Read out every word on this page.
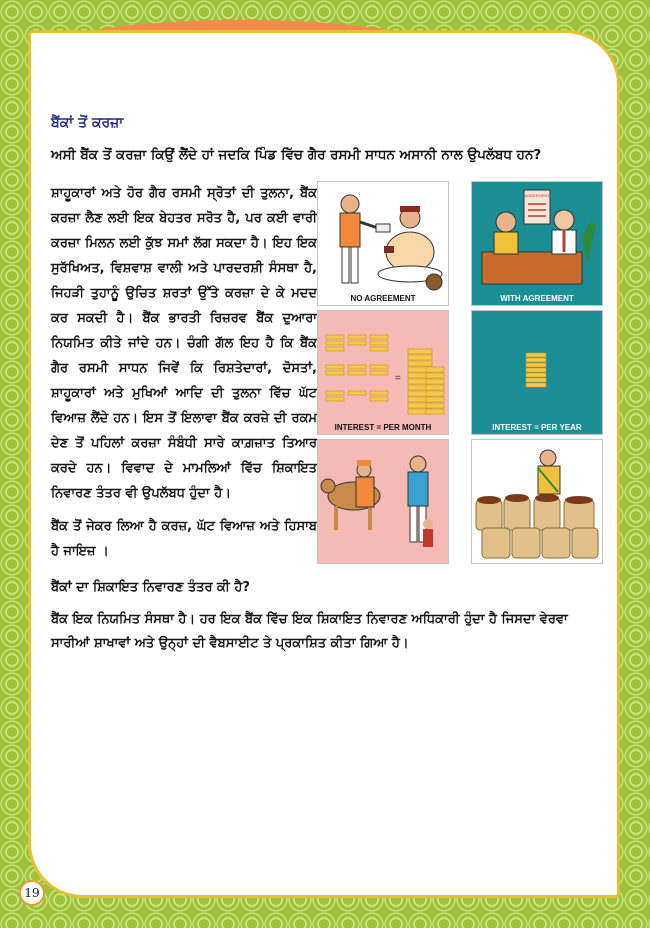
ਬੈਂਕਾਂ ਤੋਂ ਕਰਜ਼ਾ
ਅਸੀ ਬੈਂਕ ਤੋਂ ਕਰਜ਼ਾ ਕਿਉਂ ਲੈਂਦੇ ਹਾਂ ਜਦਕਿ ਪਿੰਡ ਵਿੱਚ ਗੈਰ ਰਸਮੀ ਸਾਧਨ ਅਸਾਨੀ ਨਾਲ ਉਪਲੱਬਧ ਹਨ?

ਸ਼ਾਹੂਕਾਰਾਂ ਅਤੇ ਹੋਰ ਗੈਰ ਰਸਮੀ ਸ੍ਰੋਤਾਂ ਦੀ ਤੁਲਨਾ, ਬੈਂਕ ਕਰਜ਼ਾ ਲੈਣ ਲਈ ਇਕ ਬੇਹਤਰ ਸਰੋਤ ਹੈ, ਪਰ ਕਈ ਵਾਰੀ ਕਰਜ਼ਾ ਮਿਲਨ ਲਈ ਕੁੱਝ ਸਮਾਂ ਲੱਗ ਸਕਦਾ ਹੈ। ਇਹ ਇਕ ਸੁਰੱਖਿਅਤ, ਵਿਸ਼ਵਾਸ਼ ਵਾਲੀ ਅਤੇ ਪਾਰਦਰਸ਼ੀ ਸੰਸਥਾ ਹੈ, ਜਿਹੜੀ ਤੁਹਾਨੂੰ ਉਚਿਤ ਸ਼ਰਤਾਂ ਉੱਤੇ ਕਰਜ਼ਾ ਦੇ ਕੇ ਮਦਦ ਕਰ ਸਕਦੀ ਹੈ। ਬੈਂਕ ਭਾਰਤੀ ਰਿਜ਼ਰਵ ਬੈਂਕ ਦੁਆਰਾ ਨਿਯਮਿਤ ਕੀਤੇ ਜਾਂਦੇ ਹਨ। ਚੰਗੀ ਗੱਲ ਇਹ ਹੈ ਕਿ ਬੈਂਕ ਗੈਰ ਰਸਮੀ ਸਾਧਨ ਜਿਵੇਂ ਕਿ ਰਿਸ਼ਤੇਦਾਰਾਂ, ਦੋਸਤਾਂ, ਸ਼ਾਹੂਕਾਰਾਂ ਅਤੇ ਮੁਖਿਆਂ ਆਦਿ ਦੀ ਤੁਲਨਾ ਵਿੱਚ ਘੱਟ ਵਿਆਜ਼ ਲੈਂਦੇ ਹਨ। ਇਸ ਤੋਂ ਇਲਾਵਾ ਬੈਂਕ ਕਰਜ਼ੇ ਦੀ ਰਕਮ ਦੇਣ ਤੋਂ ਪਹਿਲਾਂ ਕਰਜ਼ਾ ਸੰਬੰਧੀ ਸਾਰੇ ਕਾਗ਼ਜ਼ਾਤ ਤਿਆਰ ਕਰਦੇ ਹਨ। ਵਿਵਾਦ ਦੇ ਮਾਮਲਿਆਂ ਵਿੱਚ ਸ਼ਿਕਾਇਤ ਨਿਵਾਰਣ ਤੰਤਰ ਵੀ ਉਪਲੱਬਧ ਹੁੰਦਾ ਹੈ।

ਬੈਂਕ ਤੋਂ ਜੇਕਰ ਲਿਆ ਹੈ ਕਰਜ਼, ਘੱਟ ਵਿਆਜ਼ ਅਤੇ ਹਿਸਾਬ ਹੈ ਜਾਇਜ਼ ।

NO AGREEMENT
AGREEMENT
WITH AGREEMENT
=
INTEREST = PER MONTH	INTEREST = PER YEAR

ਬੈਂਕਾਂ ਦਾ ਸ਼ਿਕਾਇਤ ਨਿਵਾਰਣ ਤੰਤਰ ਕੀ ਹੈ?

ਬੈਂਕ ਇਕ ਨਿਯਮਿਤ ਸੰਸਥਾ ਹੈ। ਹਰ ਇਕ ਬੈਂਕ ਵਿੱਚ ਇਕ ਸ਼ਿਕਾਇਤ ਨਿਵਾਰਣ ਅਧਿਕਾਰੀ ਹੁੰਦਾ ਹੈ ਜਿਸਦਾ ਵੇਰਵਾ ਸਾਰੀਆਂ ਸ਼ਾਖਾਵਾਂ ਅਤੇ ਉਨ੍ਹਾਂ ਦੀ ਵੈਬਸਾਈਟ ਤੇ ਪ੍ਰਕਾਸ਼ਿਤ ਕੀਤਾ ਗਿਆ ਹੈ।

19
